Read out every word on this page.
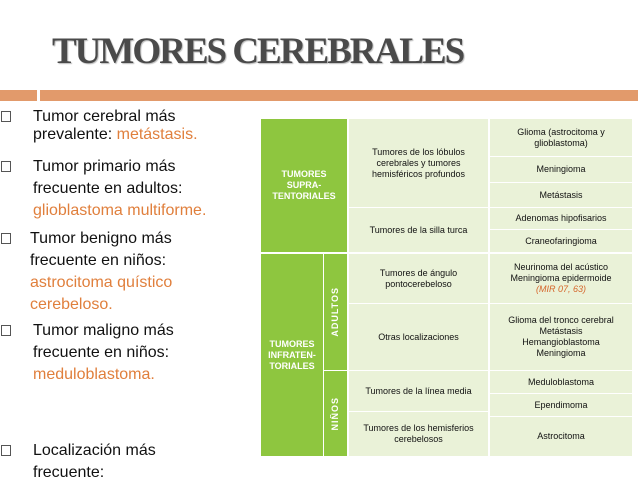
TUMORES CEREBRALES
Tumor cerebral más
prevalente: metástasis.
Tumor primario más
frecuente en adultos:
glioblastoma multiforme.
Tumor benigno más
frecuente en niños:
astrocitoma quístico
cerebeloso.
Tumor maligno más
frecuente en niños:
meduloblastoma.
Localización más
frecuente:
TUMORES SUPRA- TENTORIALES
TUMORES INFRATEN- TORIALES
ADULTOS
NIÑOS
Tumores de los lóbulos cerebrales y tumores hemisféricos profundos
Tumores de la silla turca
Tumores de ángulo pontocerebeloso
Otras localizaciones
Tumores de la línea media
Tumores de los hemisferios cerebelosos
Glioma (astrocitoma y glioblastoma)
Meningioma
Metástasis
Adenomas hipofisarios
Craneofaringioma
Neurinoma del acústico Meningioma epidermoide
(MIR 07, 63)
Glioma del tronco cerebral Metástasis Hemangioblastoma Meningioma
Meduloblastoma
Ependimoma
Astrocitoma
